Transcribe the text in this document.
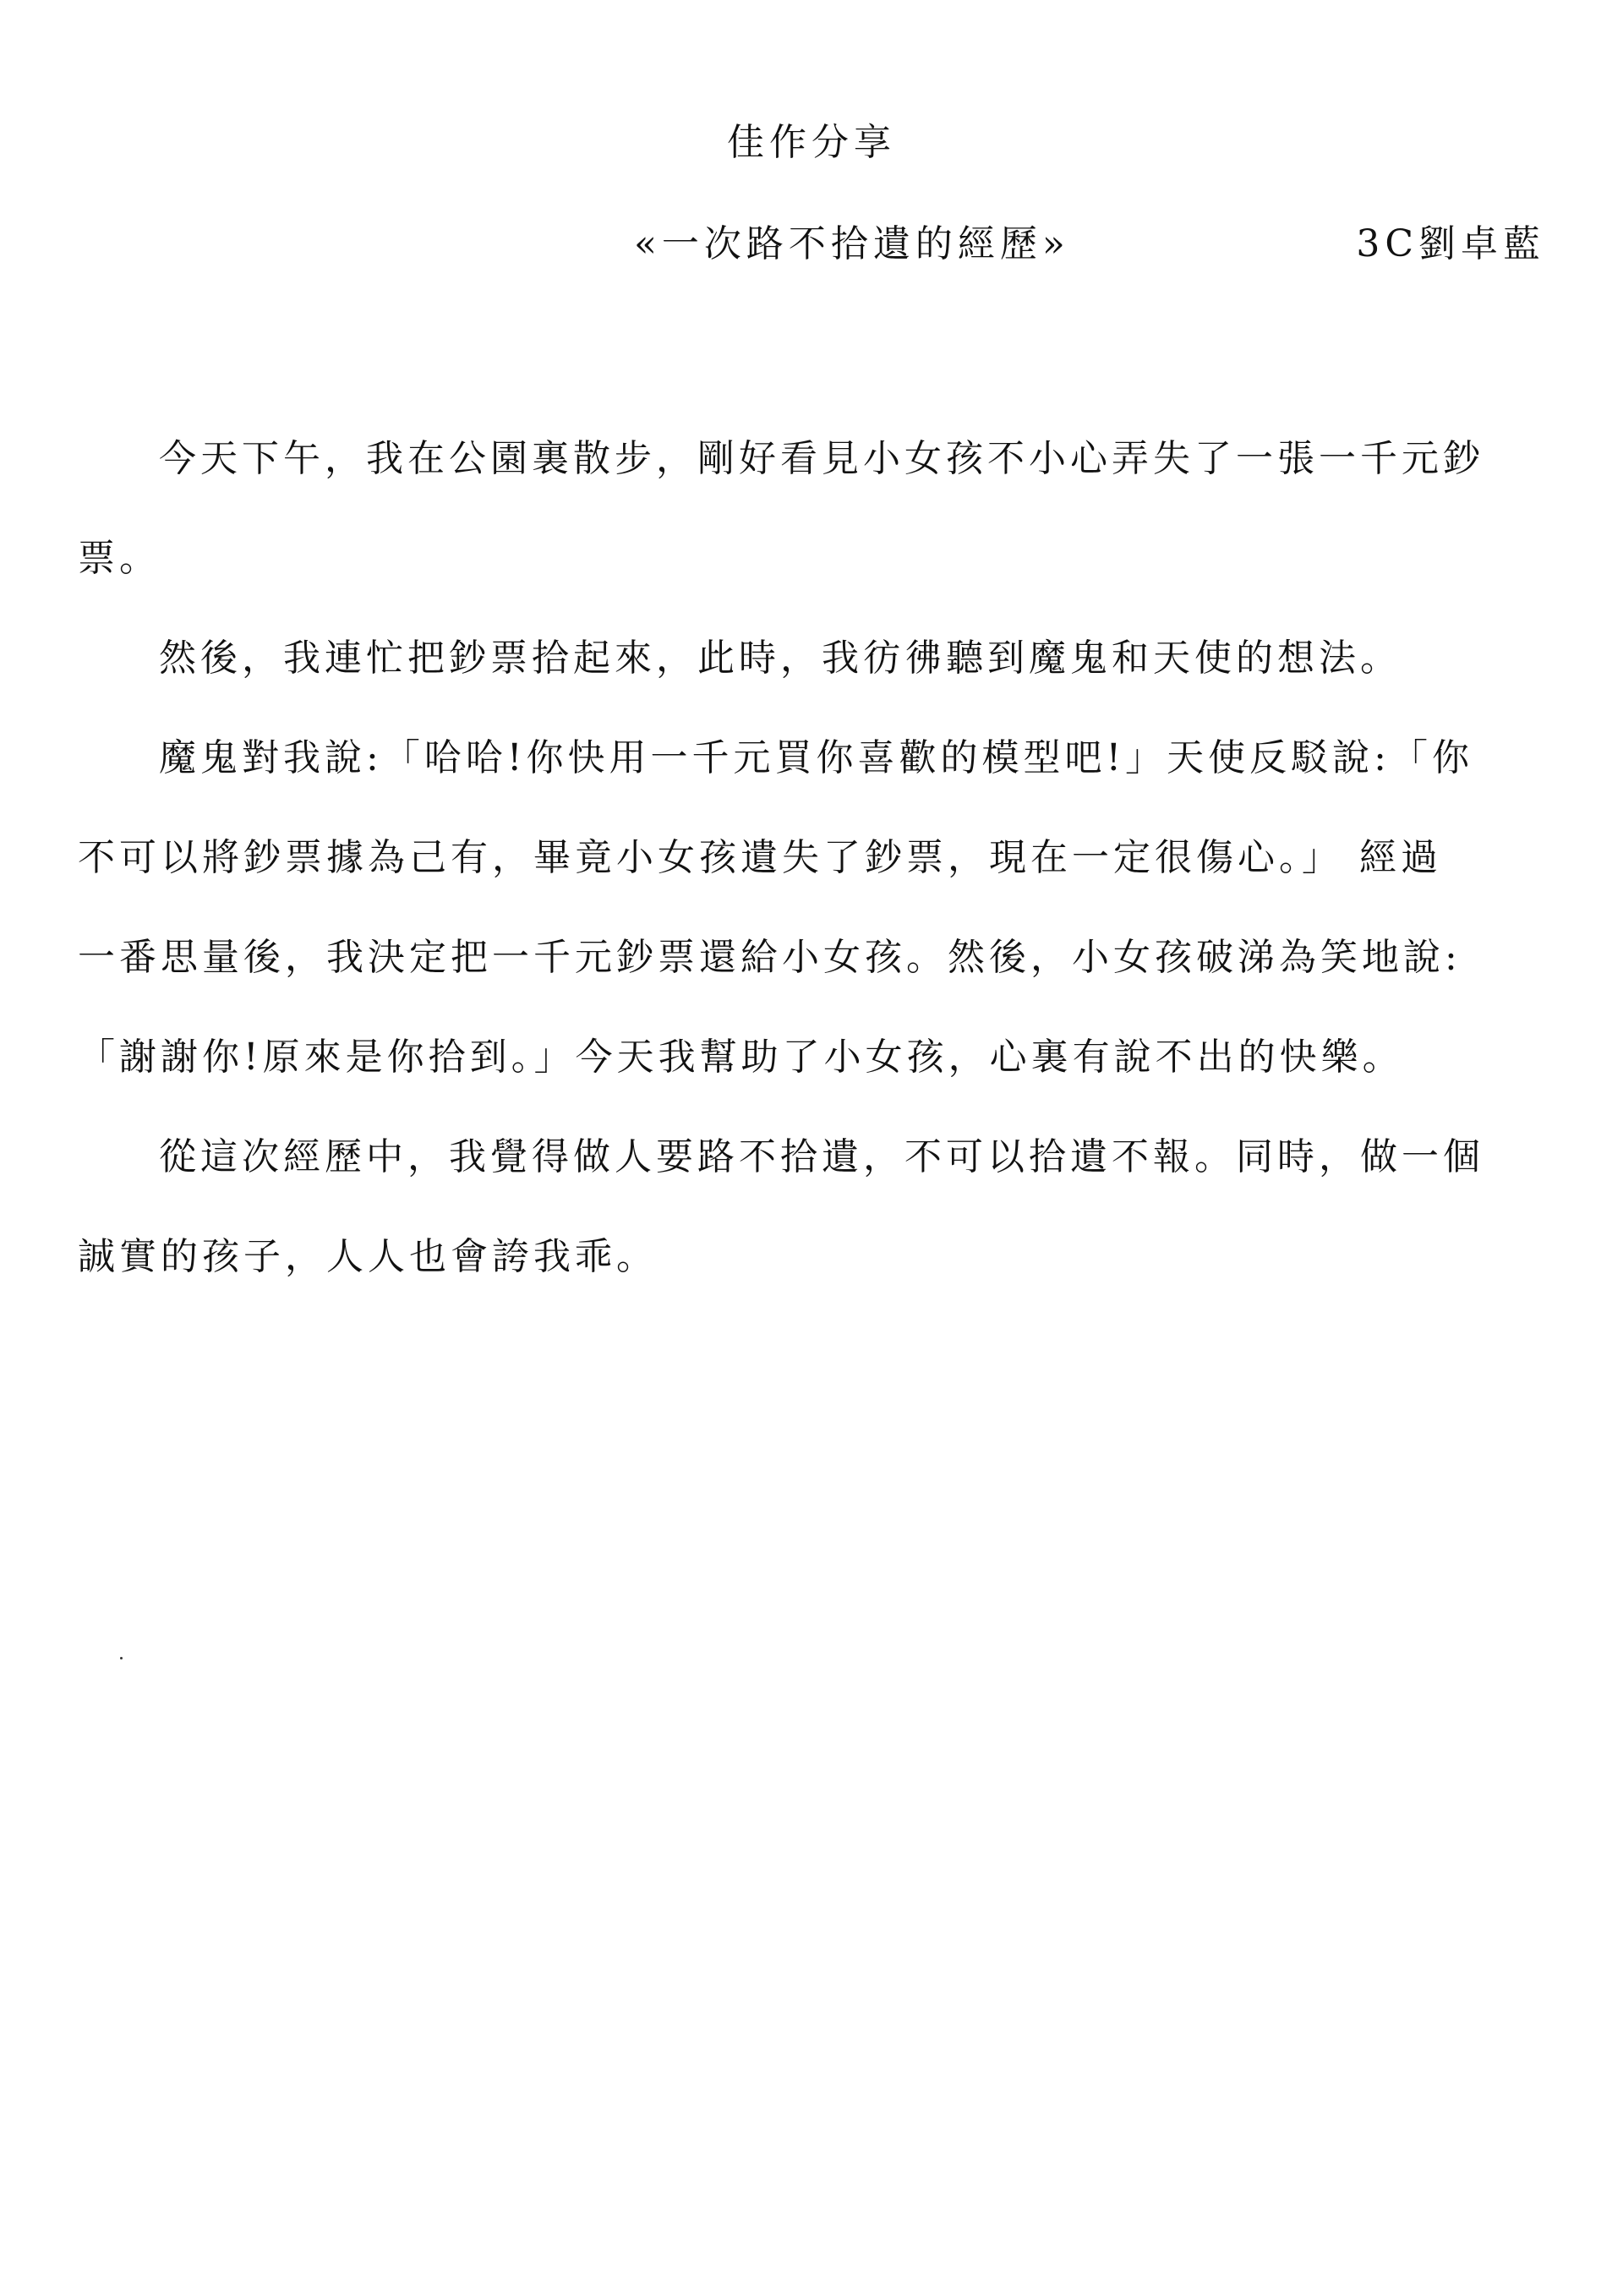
佳作分享
«一次路不拾遺的經歷»	3C劉卓藍
今天下午，我在公園裏散步，剛好看見小女孩不小心弄失了一張一千元鈔
票。
然後，我連忙把鈔票拾起來，此時，我彷彿聽到魔鬼和天使的想法。
魔鬼對我說:「哈哈!你快用一千元買你喜歡的模型吧!」天使反駁說:「你
不可以將鈔票據為己有，畢竟小女孩遺失了鈔票，現在一定很傷心。」 經過
一番思量後，我決定把一千元鈔票還給小女孩。然後，小女孩破涕為笑地說:
「謝謝你!原來是你拾到。」今天我幫助了小女孩，心裏有說不出的快樂。
從這次經歷中，我覺得做人要路不拾遺，不可以拾遺不報。同時，做一個
誠實的孩子，人人也會誇我乖。
